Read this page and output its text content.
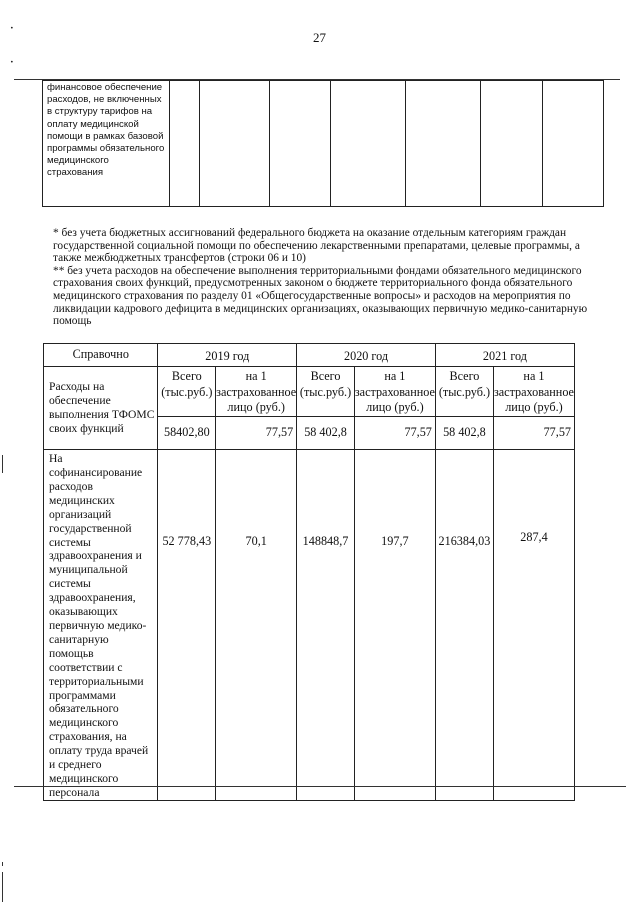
27
·
·
финансовое обеспечение расходов, не включенных в структуру тарифов на оплату медицинской помощи в рамках базовой программы обязательного медицинского страхования							

* без учета бюджетных ассигнований федерального бюджета на оказание отдельным категориям граждан государственной социальной помощи по обеспечению лекарственными препаратами, целевые программы, а также межбюджетных трансфертов (строки 06 и 10)

** без учета расходов на обеспечение выполнения территориальными фондами обязательного медицинского страхования своих функций, предусмотренных законом о бюджете территориального фонда обязательного медицинского страхования по разделу 01 «Общегосударственные вопросы» и расходов на мероприятия по ликвидации кадрового дефицита в медицинских организациях, оказывающих первичную медико-санитарную помощь

Справочно	2019 год		2020 год		2021 год	
Расходы на обеспечение выполнения ТФОМС своих функций	Всего (тыс.руб.)	на 1 застрахованное лицо (руб.)	Всего (тыс.руб.)	на 1 застрахованное лицо (руб.)	Всего (тыс.руб.)	на 1 застрахованное лицо (руб.)
	58402,80	77,57	58 402,8	77,57	58 402,8	77,57
На софинансирование расходов медицинских организаций государственной системы здравоохранения и муниципальной системы здравоохранения, оказывающих первичную медико-санитарную помощьв соответствии с территориальными программами обязательного медицинского страхования, на оплату труда врачей и среднего медицинского персонала	52 778,43	70,1	148848,7	197,7	216384,03	287,4
